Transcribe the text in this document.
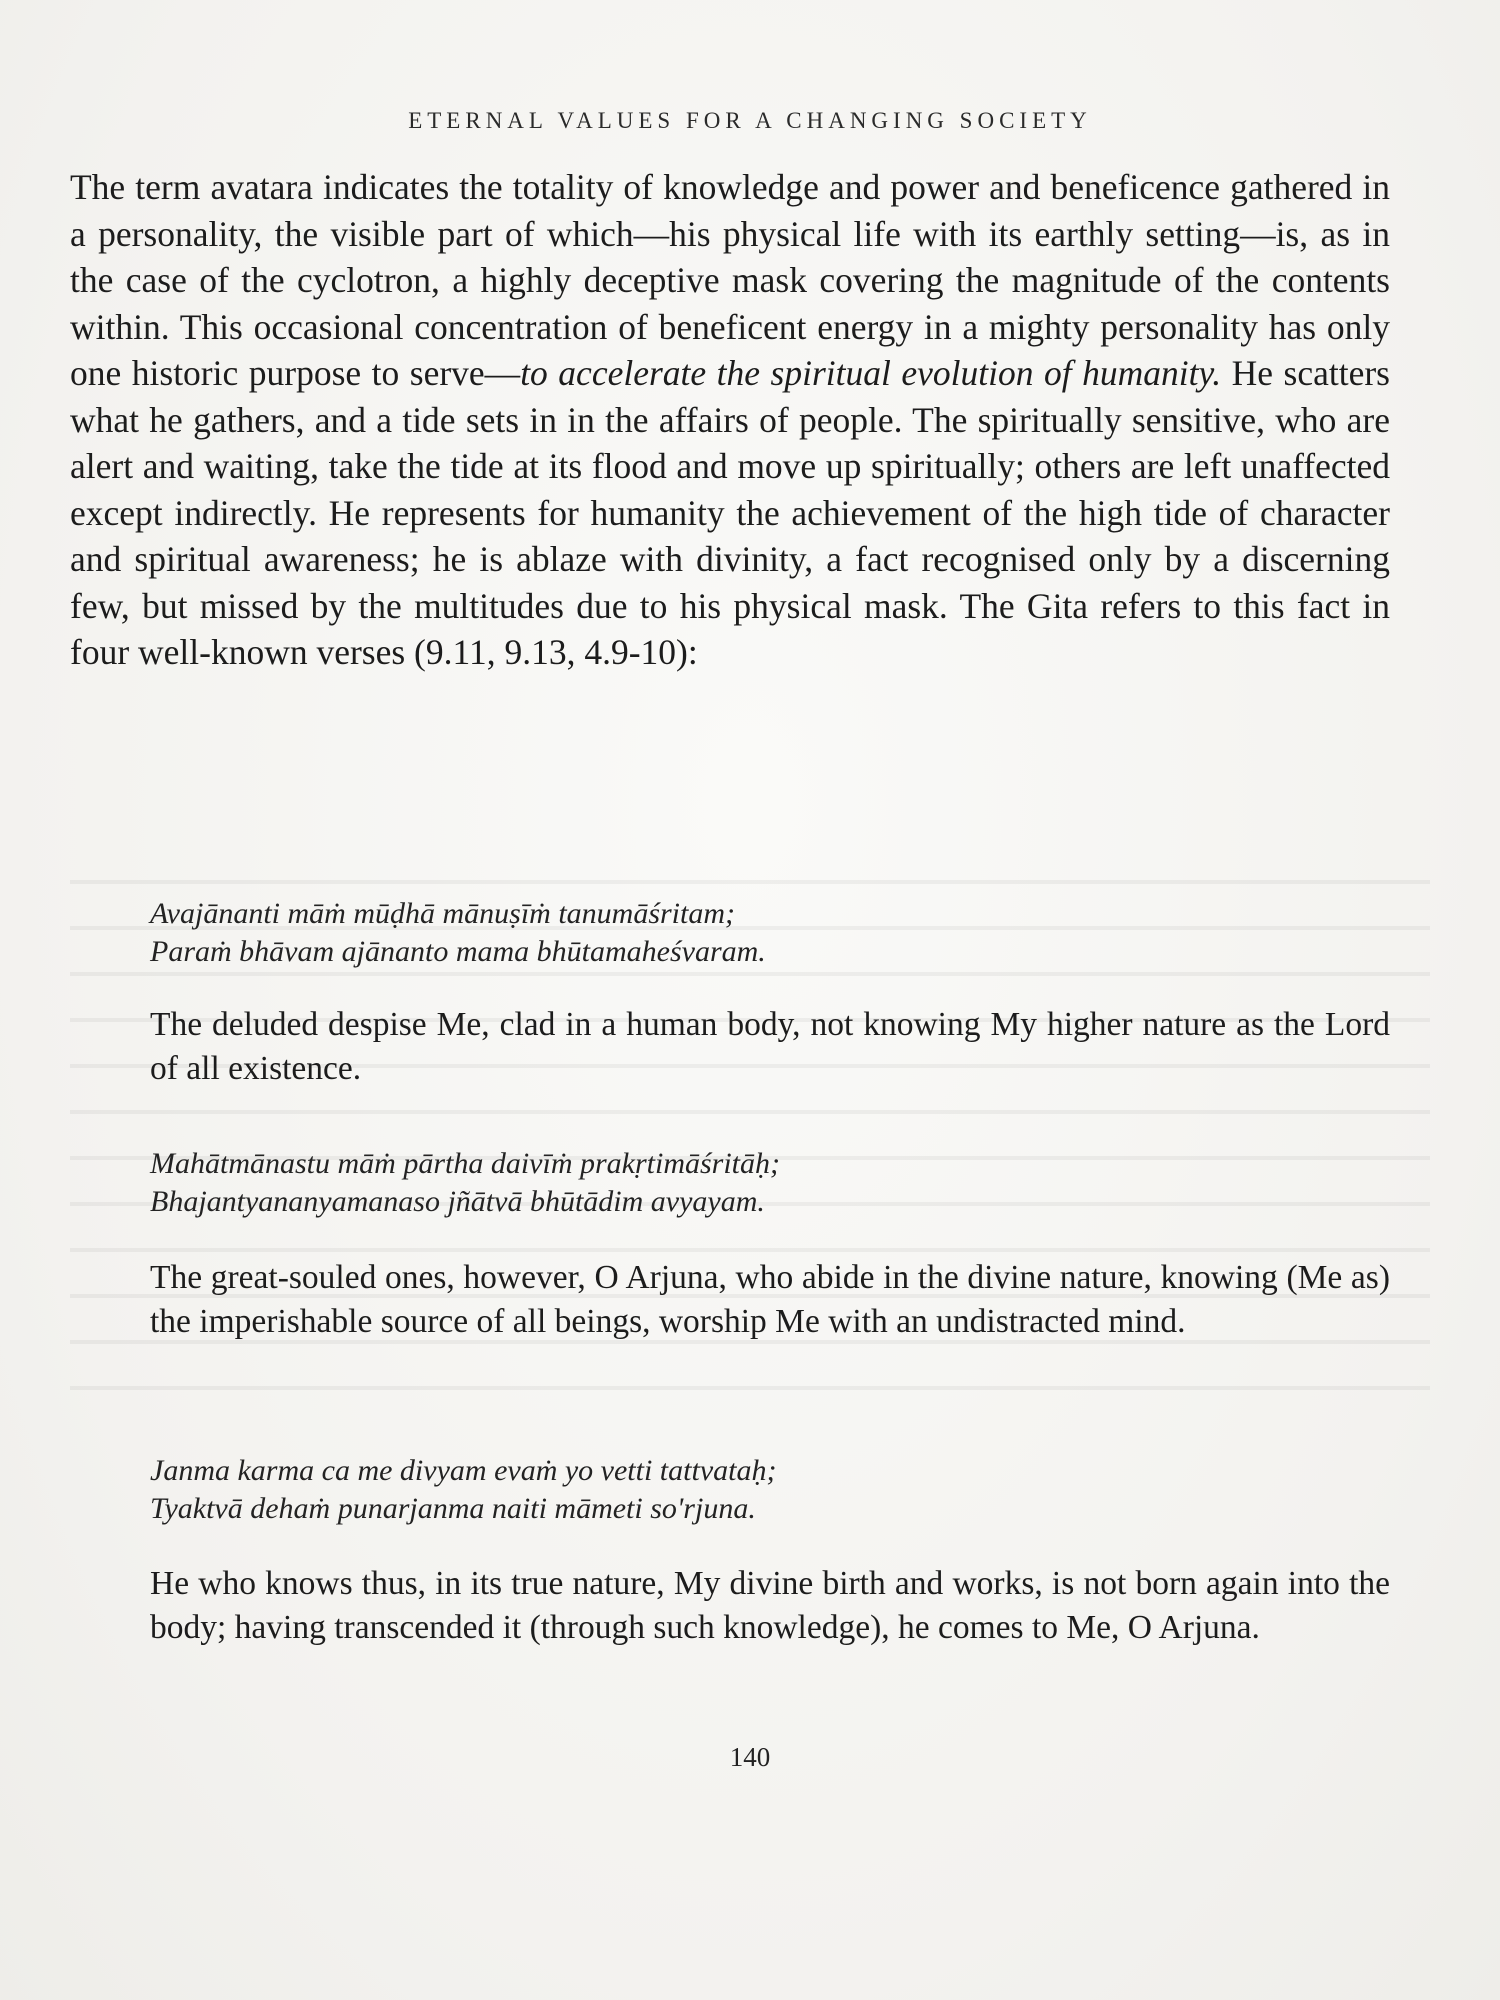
ETERNAL VALUES FOR A CHANGING SOCIETY

The term avatara indicates the totality of knowledge and power and beneficence gathered in a personality, the visible part of which—his physical life with its earthly setting—is, as in the case of the cyclotron, a highly deceptive mask covering the magnitude of the contents within. This occasional concentration of beneficent energy in a mighty personality has only one historic purpose to serve—to accelerate the spiritual evolution of humanity. He scatters what he gathers, and a tide sets in in the affairs of people. The spiritually sensitive, who are alert and waiting, take the tide at its flood and move up spiritually; others are left unaffected except indirectly. He represents for humanity the achievement of the high tide of character and spiritual awareness; he is ablaze with divinity, a fact recognised only by a discerning few, but missed by the multitudes due to his physical mask. The Gita refers to this fact in four well-known verses (9.11, 9.13, 4.9-10):

Avajānanti māṁ mūḍhā mānuṣīṁ tanumāśritam;
Paraṁ bhāvam ajānanto mama bhūtamaheśvaram.

The deluded despise Me, clad in a human body, not knowing My higher nature as the Lord of all existence.

Mahātmānastu māṁ pārtha daivīṁ prakṛtimāśritāḥ;
Bhajantyananyamanaso jñātvā bhūtādim avyayam.

The great-souled ones, however, O Arjuna, who abide in the divine nature, knowing (Me as) the imperishable source of all beings, worship Me with an undistracted mind.

Janma karma ca me divyam evaṁ yo vetti tattvataḥ;
Tyaktvā dehaṁ punarjanma naiti māmeti so'rjuna.

He who knows thus, in its true nature, My divine birth and works, is not born again into the body; having transcended it (through such knowledge), he comes to Me, O Arjuna.

140
